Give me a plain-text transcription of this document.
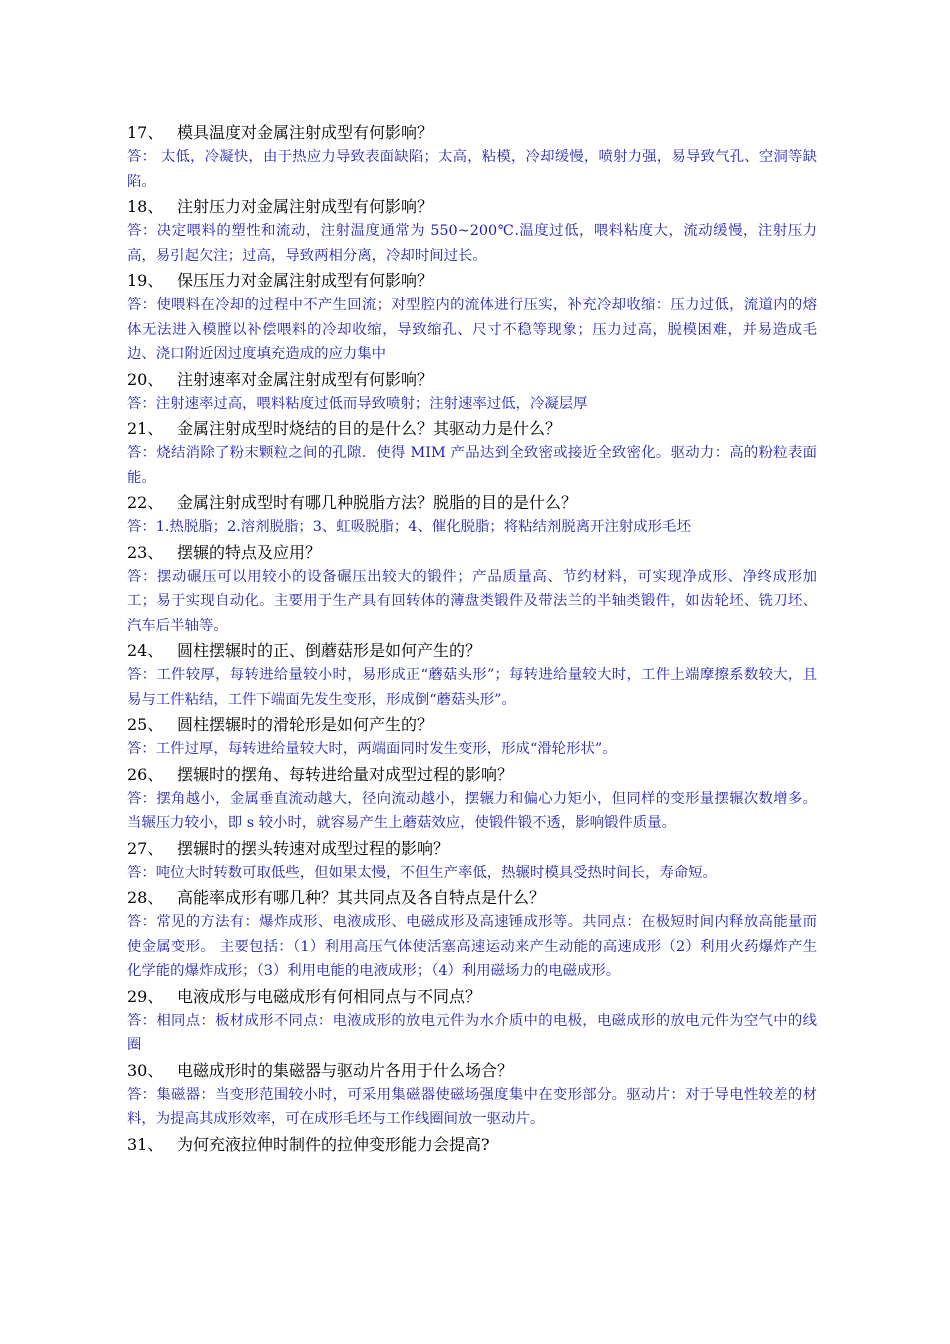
17、 模具温度对金属注射成型有何影响？
答： 太低，冷凝快，由于热应力导致表面缺陷；太高，粘模，冷却缓慢，喷射力强，易导致气孔、空洞等缺陷。
18、 注射压力对金属注射成型有何影响？
答：决定喂料的塑性和流动，注射温度通常为 550~200℃.温度过低，喂料粘度大，流动缓慢，注射压力高，易引起欠注；过高，导致两相分离，冷却时间过长。
19、 保压压力对金属注射成型有何影响？
答：使喂料在冷却的过程中不产生回流；对型腔内的流体进行压实，补充冷却收缩：压力过低，流道内的熔体无法进入模膛以补偿喂料的冷却收缩，导致缩孔、尺寸不稳等现象；压力过高，脱模困难，并易造成毛边、浇口附近因过度填充造成的应力集中
20、 注射速率对金属注射成型有何影响？
答：注射速率过高，喂料粘度过低而导致喷射；注射速率过低，冷凝层厚
21、 金属注射成型时烧结的目的是什么？其驱动力是什么？
答：烧结消除了粉末颗粒之间的孔隙．使得 MIM 产品达到全致密或接近全致密化。驱动力：高的粉粒表面能。
22、 金属注射成型时有哪几种脱脂方法？脱脂的目的是什么？
答：1.热脱脂；2.溶剂脱脂；3、虹吸脱脂；4、催化脱脂；将粘结剂脱离开注射成形毛坯
23、 摆辗的特点及应用？
答：摆动碾压可以用较小的设备碾压出较大的锻件；产品质量高、节约材料，可实现净成形、净终成形加工；易于实现自动化。主要用于生产具有回转体的薄盘类锻件及带法兰的半轴类锻件，如齿轮坯、铣刀坯、汽车后半轴等。
24、 圆柱摆辗时的正、倒蘑菇形是如何产生的？
答：工件较厚，每转进给量较小时，易形成正“蘑菇头形”；每转进给量较大时，工件上端摩擦系数较大，且易与工件粘结，工件下端面先发生变形，形成倒“蘑菇头形”。
25、 圆柱摆辗时的滑轮形是如何产生的？
答：工件过厚，每转进给量较大时，两端面同时发生变形，形成“滑轮形状”。
26、 摆辗时的摆角、每转进给量对成型过程的影响？
答：摆角越小，金属垂直流动越大，径向流动越小，摆辗力和偏心力矩小，但同样的变形量摆辗次数增多。当辗压力较小，即 s 较小时，就容易产生上蘑菇效应，使锻件锻不透，影响锻件质量。
27、 摆辗时的摆头转速对成型过程的影响？
答：吨位大时转数可取低些，但如果太慢，不但生产率低，热辗时模具受热时间长，寿命短。
28、 高能率成形有哪几种？其共同点及各自特点是什么？
答：常见的方法有：爆炸成形、电液成形、电磁成形及高速锤成形等。共同点：在极短时间内释放高能量而使金属变形。 主要包括：（1）利用高压气体使活塞高速运动来产生动能的高速成形（2）利用火药爆炸产生化学能的爆炸成形；（3）利用电能的电液成形；（4）利用磁场力的电磁成形。
29、 电液成形与电磁成形有何相同点与不同点？
答：相同点：板材成形不同点：电液成形的放电元件为水介质中的电极，电磁成形的放电元件为空气中的线圈
30、 电磁成形时的集磁器与驱动片各用于什么场合？
答：集磁器：当变形范围较小时，可采用集磁器使磁场强度集中在变形部分。驱动片：对于导电性较差的材料，为提高其成形效率，可在成形毛坯与工作线圈间放一驱动片。
31、 为何充液拉伸时制件的拉伸变形能力会提高?
